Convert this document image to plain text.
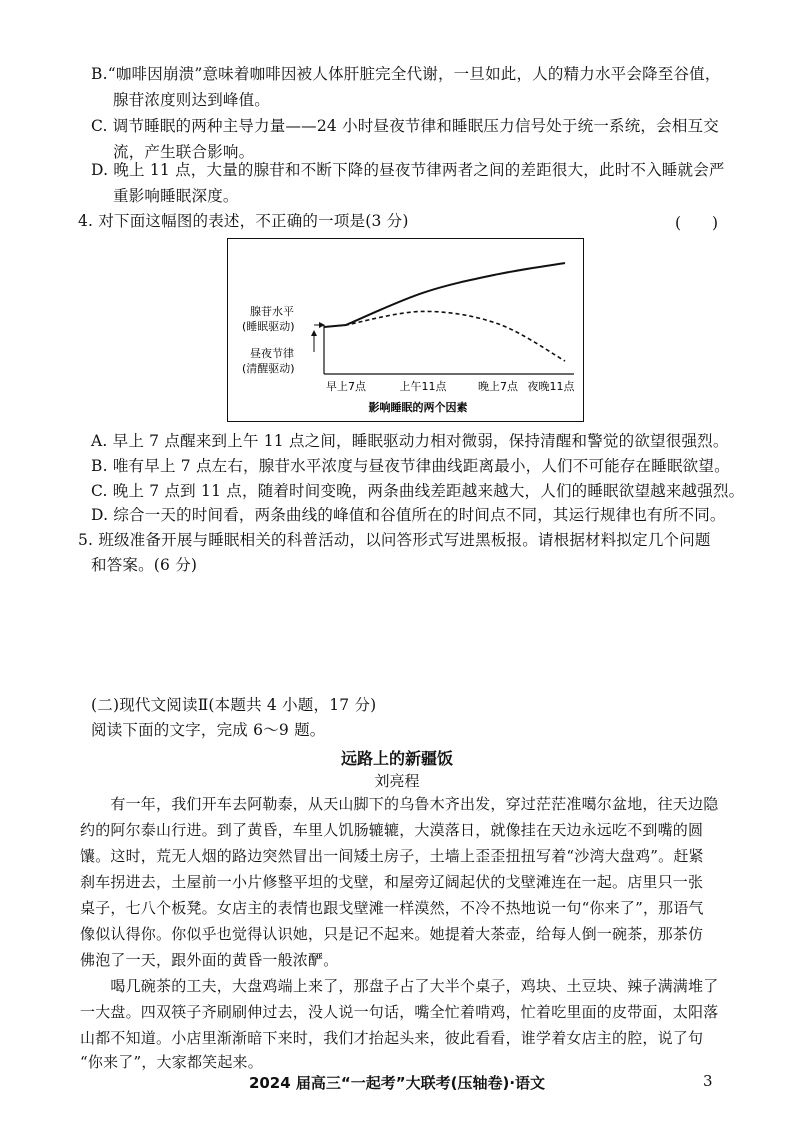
B.“咖啡因崩溃”意味着咖啡因被人体肝脏完全代谢，一旦如此，人的精力水平会降至谷值，
腺苷浓度则达到峰值。
C. 调节睡眠的两种主导力量——24 小时昼夜节律和睡眠压力信号处于统一系统，会相互交
流，产生联合影响。
D. 晚上 11 点，大量的腺苷和不断下降的昼夜节律两者之间的差距很大，此时不入睡就会严
重影响睡眠深度。
4. 对下面这幅图的表述，不正确的一项是(3 分)	(　　)
腺苷水平
(睡眠驱动)
昼夜节律
(清醒驱动)
早上7点	上午11点	晚上7点 夜晚11点
影响睡眠的两个因素
A. 早上 7 点醒来到上午 11 点之间，睡眠驱动力相对微弱，保持清醒和警觉的欲望很强烈。
B. 唯有早上 7 点左右，腺苷水平浓度与昼夜节律曲线距离最小，人们不可能存在睡眠欲望。
C. 晚上 7 点到 11 点，随着时间变晚，两条曲线差距越来越大，人们的睡眠欲望越来越强烈。
D. 综合一天的时间看，两条曲线的峰值和谷值所在的时间点不同，其运行规律也有所不同。
5. 班级准备开展与睡眠相关的科普活动，以问答形式写进黑板报。请根据材料拟定几个问题
和答案。(6 分)
(二)现代文阅读Ⅱ(本题共 4 小题，17 分)
阅读下面的文字，完成 6～9 题。
远路上的新疆饭
刘亮程
　　有一年，我们开车去阿勒泰，从天山脚下的乌鲁木齐出发，穿过茫茫准噶尔盆地，往天边隐
约的阿尔泰山行进。到了黄昏，车里人饥肠辘辘，大漠落日，就像挂在天边永远吃不到嘴的圆
馕。这时，荒无人烟的路边突然冒出一间矮土房子，土墙上歪歪扭扭写着“沙湾大盘鸡”。赶紧
刹车拐进去，土屋前一小片修整平坦的戈壁，和屋旁辽阔起伏的戈壁滩连在一起。店里只一张
桌子，七八个板凳。女店主的表情也跟戈壁滩一样漠然，不冷不热地说一句“你来了”，那语气
像似认得你。你似乎也觉得认识她，只是记不起来。她提着大茶壶，给每人倒一碗茶，那茶仿
佛泡了一天，跟外面的黄昏一般浓酽。
　　喝几碗茶的工夫，大盘鸡端上来了，那盘子占了大半个桌子，鸡块、土豆块、辣子满满堆了
一大盘。四双筷子齐刷刷伸过去，没人说一句话，嘴全忙着啃鸡，忙着吃里面的皮带面，太阳落
山都不知道。小店里渐渐暗下来时，我们才抬起头来，彼此看看，谁学着女店主的腔，说了句
“你来了”，大家都笑起来。
2024 届高三“一起考”大联考(压轴卷)·语文	3
